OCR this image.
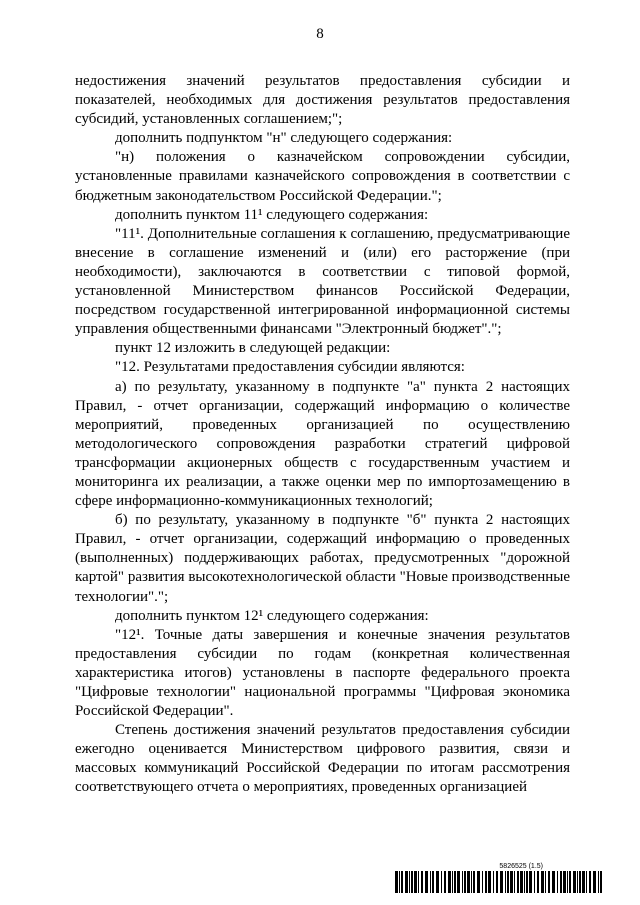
8

недостижения значений результатов предоставления субсидии и показателей, необходимых для достижения результатов предоставления субсидий, установленных соглашением;";

дополнить подпунктом "н" следующего содержания:

"н) положения о казначейском сопровождении субсидии, установленные правилами казначейского сопровождения в соответствии с бюджетным законодательством Российской Федерации.";

дополнить пунктом 11¹ следующего содержания:

"11¹. Дополнительные соглашения к соглашению, предусматривающие внесение в соглашение изменений и (или) его расторжение (при необходимости), заключаются в соответствии с типовой формой, установленной Министерством финансов Российской Федерации, посредством государственной интегрированной информационной системы управления общественными финансами "Электронный бюджет".";

пункт 12 изложить в следующей редакции:

"12. Результатами предоставления субсидии являются:

а) по результату, указанному в подпункте "а" пункта 2 настоящих Правил, - отчет организации, содержащий информацию о количестве мероприятий, проведенных организацией по осуществлению методологического сопровождения разработки стратегий цифровой трансформации акционерных обществ с государственным участием и мониторинга их реализации, а также оценки мер по импортозамещению в сфере информационно-коммуникационных технологий;

б) по результату, указанному в подпункте "б" пункта 2 настоящих Правил, - отчет организации, содержащий информацию о проведенных (выполненных) поддерживающих работах, предусмотренных "дорожной картой" развития высокотехнологической области "Новые производственные технологии".";

дополнить пунктом 12¹ следующего содержания:

"12¹. Точные даты завершения и конечные значения результатов предоставления субсидии по годам (конкретная количественная характеристика итогов) установлены в паспорте федерального проекта "Цифровые технологии" национальной программы "Цифровая экономика Российской Федерации".

Степень достижения значений результатов предоставления субсидии ежегодно оценивается Министерством цифрового развития, связи и массовых коммуникаций Российской Федерации по итогам рассмотрения соответствующего отчета о мероприятиях, проведенных организацией

5826525 (1.5)
